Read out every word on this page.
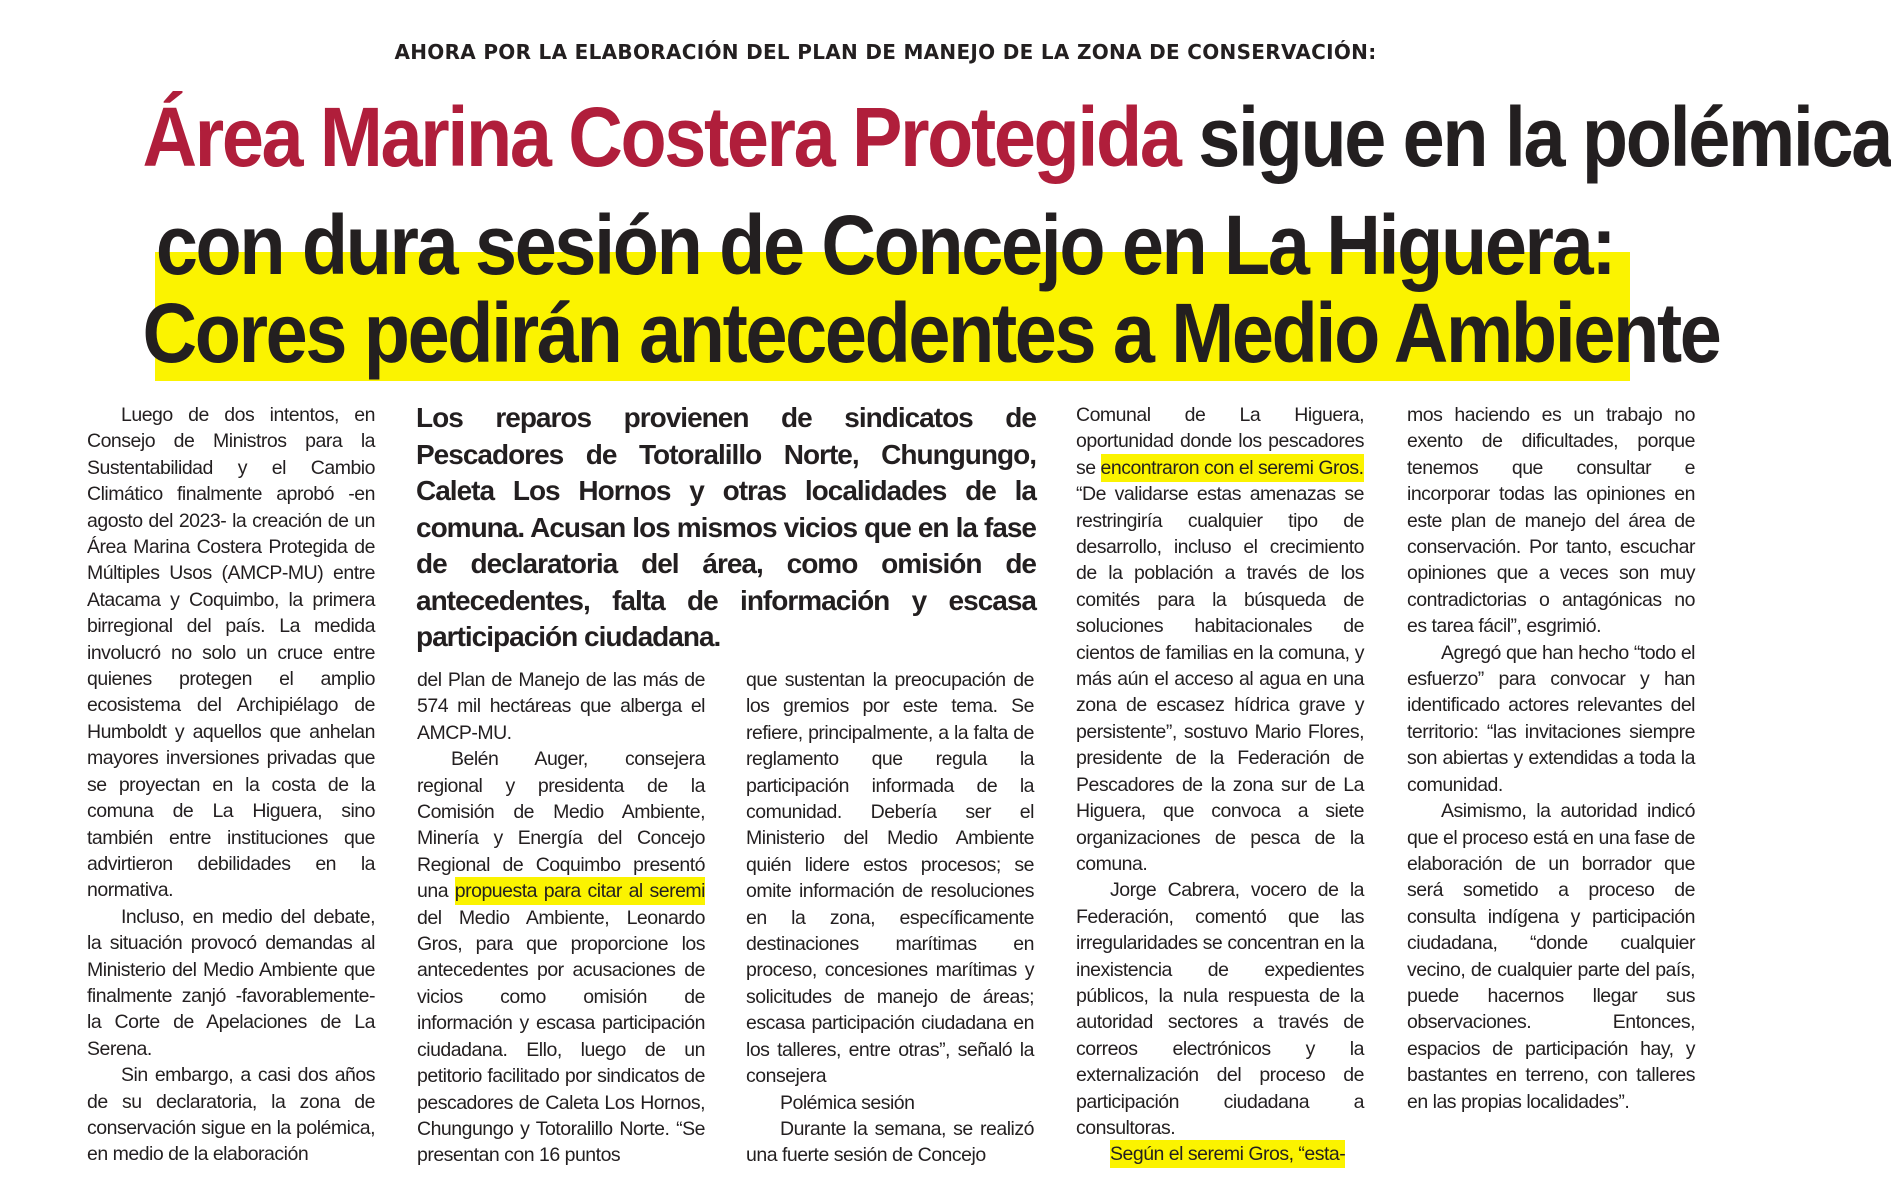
AHORA POR LA ELABORACIÓN DEL PLAN DE MANEJO DE LA ZONA DE CONSERVACIÓN:
Área Marina Costera Protegida sigue en la polémica
con dura sesión de Concejo en La Higuera:
Cores pedirán antecedentes a Medio Ambiente

Luego de dos intentos, en Consejo de Ministros para la Sustentabilidad y el Cambio Climático finalmente aprobó -en agosto del 2023- la creación de un Área Marina Costera Protegida de Múltiples Usos (AMCP-MU) entre Atacama y Coquimbo, la primera birregional del país. La medida involucró no solo un cruce entre quienes protegen el amplio ecosistema del Archipiélago de Humboldt y aquellos que anhelan mayores inversiones privadas que se proyectan en la costa de la comuna de La Higuera, sino también entre instituciones que advirtieron debilidades en la normativa.

Incluso, en medio del debate, la situación provocó demandas al Ministerio del Medio Ambiente que finalmente zanjó -favorablemente- la Corte de Apelaciones de La Serena.

Sin embargo, a casi dos años de su declaratoria, la zona de conservación sigue en la polémica, en medio de la elaboración

Los reparos provienen de sindicatos de Pescadores de Totoralillo Norte, Chungungo, Caleta Los Hornos y otras localidades de la comuna. Acusan los mismos vicios que en la fase de declaratoria del área, como omisión de antecedentes, falta de información y escasa participación ciudadana.

del Plan de Manejo de las más de 574 mil hectáreas que alberga el AMCP-MU.

Belén Auger, consejera regional y presidenta de la Comisión de Medio Ambiente, Minería y Energía del Concejo Regional de Coquimbo presentó una propuesta para citar al seremi del Medio Ambiente, Leonardo Gros, para que proporcione los antecedentes por acusaciones de vicios como omisión de información y escasa participación ciudadana. Ello, luego de un petitorio facilitado por sindicatos de pescadores de Caleta Los Hornos, Chungungo y Totoralillo Norte. “Se presentan con 16 puntos

que sustentan la preocupación de los gremios por este tema. Se refiere, principalmente, a la falta de reglamento que regula la participación informada de la comunidad. Debería ser el Ministerio del Medio Ambiente quién lidere estos procesos; se omite información de resoluciones en la zona, específicamente destinaciones marítimas en proceso, concesiones marítimas y solicitudes de manejo de áreas; escasa participación ciudadana en los talleres, entre otras”, señaló la consejera

Polémica sesión

Durante la semana, se realizó una fuerte sesión de Concejo

Comunal de La Higuera, oportunidad donde los pescadores se encontraron con el seremi Gros.

“De validarse estas amenazas se restringiría cualquier tipo de desarrollo, incluso el crecimiento de la población a través de los comités para la búsqueda de soluciones habitacionales de cientos de familias en la comuna, y más aún el acceso al agua en una zona de escasez hídrica grave y persistente”, sostuvo Mario Flores, presidente de la Federación de Pescadores de la zona sur de La Higuera, que convoca a siete organizaciones de pesca de la comuna.

Jorge Cabrera, vocero de la Federación, comentó que las irregularidades se concentran en la inexistencia de expedientes públicos, la nula respuesta de la autoridad sectores a través de correos electrónicos y la externalización del proceso de participación ciudadana a consultoras.

Según el seremi Gros, “esta-

mos haciendo es un trabajo no exento de dificultades, porque tenemos que consultar e incorporar todas las opiniones en este plan de manejo del área de conservación. Por tanto, escuchar opiniones que a veces son muy contradictorias o antagónicas no es tarea fácil”, esgrimió.

Agregó que han hecho “todo el esfuerzo” para convocar y han identificado actores relevantes del territorio: “las invitaciones siempre son abiertas y extendidas a toda la comunidad.

Asimismo, la autoridad indicó que el proceso está en una fase de elaboración de un borrador que será sometido a proceso de consulta indígena y participación ciudadana, “donde cualquier vecino, de cualquier parte del país, puede hacernos llegar sus observaciones. Entonces, espacios de participación hay, y bastantes en terreno, con talleres en las propias localidades”.
